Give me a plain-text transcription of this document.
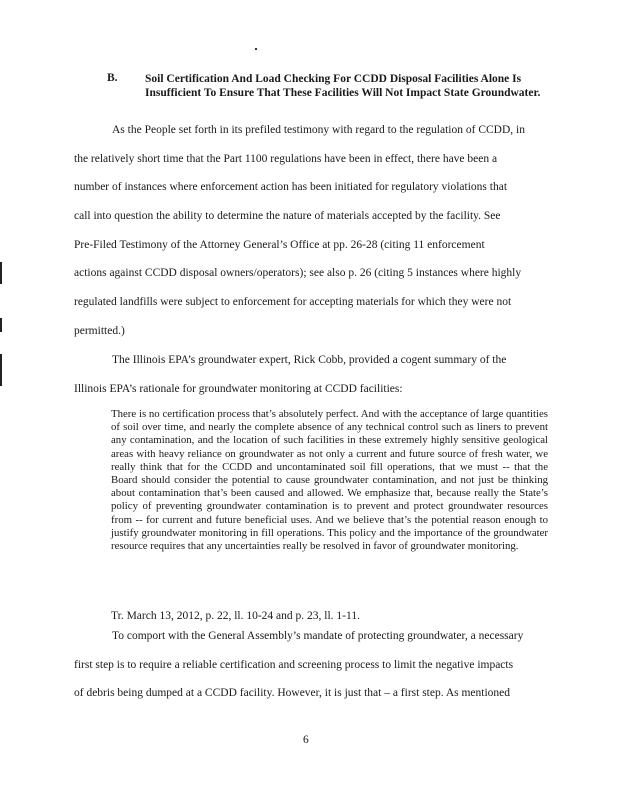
B. Soil Certification And Load Checking For CCDD Disposal Facilities Alone Is Insufficient To Ensure That These Facilities Will Not Impact State Groundwater.
As the People set forth in its prefiled testimony with regard to the regulation of CCDD, in
the relatively short time that the Part 1100 regulations have been in effect, there have been a
number of instances where enforcement action has been initiated for regulatory violations that
call into question the ability to determine the nature of materials accepted by the facility. See
Pre-Filed Testimony of the Attorney General’s Office at pp. 26-28 (citing 11 enforcement
actions against CCDD disposal owners/operators); see also p. 26 (citing 5 instances where highly
regulated landfills were subject to enforcement for accepting materials for which they were not
permitted.)
The Illinois EPA’s groundwater expert, Rick Cobb, provided a cogent summary of the
Illinois EPA’s rationale for groundwater monitoring at CCDD facilities:
There is no certification process that’s absolutely perfect. And with the acceptance of large quantities of soil over time, and nearly the complete absence of any technical control such as liners to prevent any contamination, and the location of such facilities in these extremely highly sensitive geological areas with heavy reliance on groundwater as not only a current and future source of fresh water, we really think that for the CCDD and uncontaminated soil fill operations, that we must -- that the Board should consider the potential to cause groundwater contamination, and not just be thinking about contamination that’s been caused and allowed. We emphasize that, because really the State’s policy of preventing groundwater contamination is to prevent and protect groundwater resources from -- for current and future beneficial uses. And we believe that’s the potential reason enough to justify groundwater monitoring in fill operations. This policy and the importance of the groundwater resource requires that any uncertainties really be resolved in favor of groundwater monitoring.
Tr. March 13, 2012, p. 22, ll. 10-24 and p. 23, ll. 1-11.
To comport with the General Assembly’s mandate of protecting groundwater, a necessary
first step is to require a reliable certification and screening process to limit the negative impacts
of debris being dumped at a CCDD facility. However, it is just that – a first step. As mentioned
6
